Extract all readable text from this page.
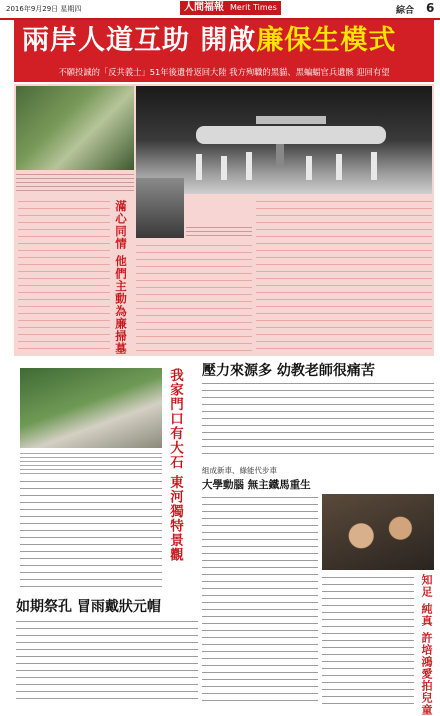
2016年9月29日 星期四	人間福報 Merit Times	綜合 6
兩岸人道互助 開啟廉保生模式
不願投誠的「反共義士」51年後遺骨返回大陸 我方殉職的黑貓、黑蝙蝠官兵遺骸 迎回有望
滿心同情 他們主動為廉掃墓
我家門口有大石 東河獨特景觀
如期祭孔 冒雨戴狀元帽
壓力來源多 幼教老師很痛苦
組成新車、綠能代步車
大學動腦 無主鐵馬重生
知足 純真 許培鴻愛拍兒童
